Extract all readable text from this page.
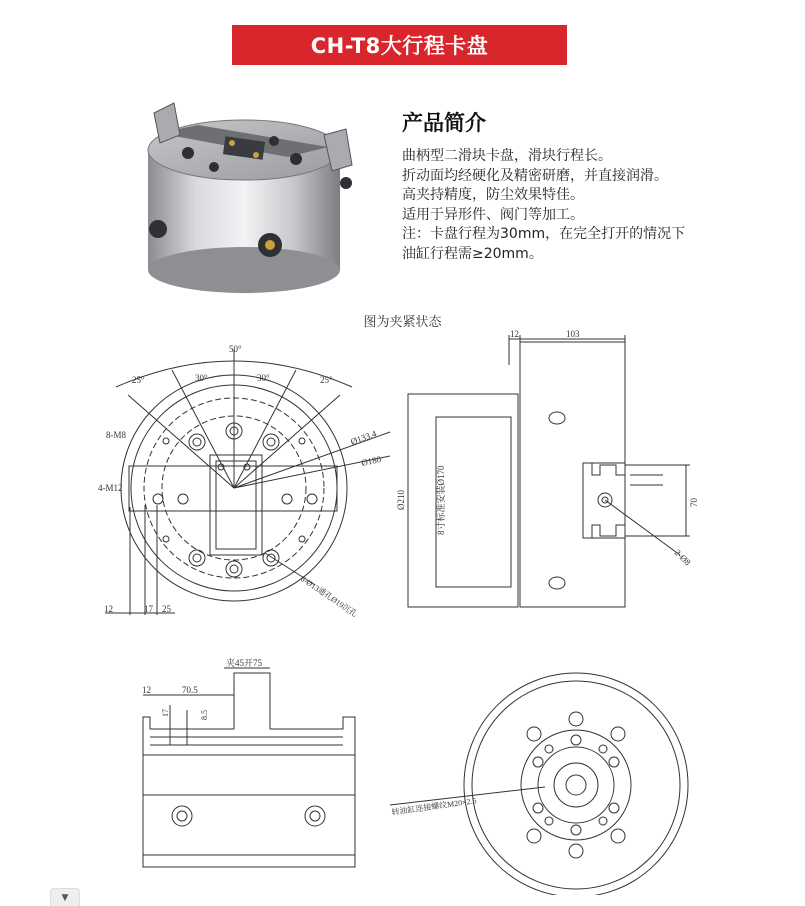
CH-T8大行程卡盘
产品简介
曲柄型二滑块卡盘，滑块行程长。
折动面均经硬化及精密研磨，并直接润滑。
高夹持精度，防尘效果特佳。
适用于异形件、阀门等加工。
注：卡盘行程为30mm，在完全打开的情况下
油缸行程需≥20mm。
图为夹紧状态
50°
25°	30°	30°	25°
8-M8
4-M12
Ø133.4
Ø180
6-Ø13通孔Ø19沉孔
12	17 25
12	103
Ø210	8寸标准安装Ø170	70
2-Ø8
夹45开75
12	70.5
17	8.5
转油缸连接螺纹M20×2.5
▼
